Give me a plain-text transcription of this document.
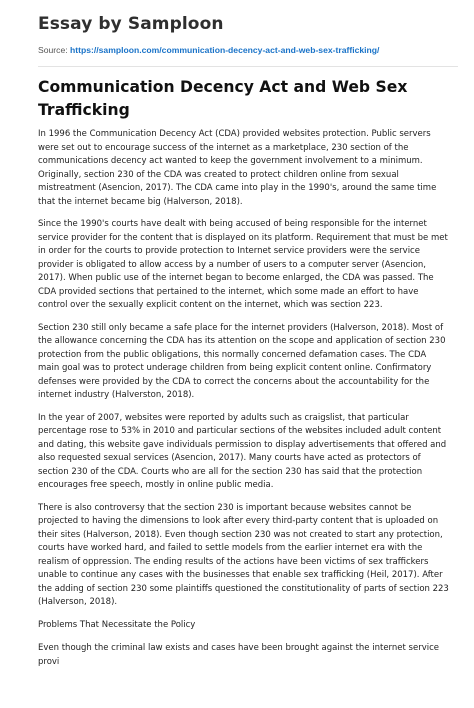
Essay by Samploon
Source: https://samploon.com/communication-decency-act-and-web-sex-trafficking/
Communication Decency Act and Web Sex Trafficking

In 1996 the Communication Decency Act (CDA) provided websites protection. Public servers were set out to encourage success of the internet as a marketplace, 230 section of the communications decency act wanted to keep the government involvement to a minimum. Originally, section 230 of the CDA was created to protect children online from sexual mistreatment (Asencion, 2017). The CDA came into play in the 1990's, around the same time that the internet became big (Halverson, 2018).

Since the 1990's courts have dealt with being accused of being responsible for the internet service provider for the content that is displayed on its platform. Requirement that must be met in order for the courts to provide protection to Internet service providers were the service provider is obligated to allow access by a number of users to a computer server (Asencion, 2017). When public use of the internet began to become enlarged, the CDA was passed. The CDA provided sections that pertained to the internet, which some made an effort to have control over the sexually explicit content on the internet, which was section 223.

Section 230 still only became a safe place for the internet providers (Halverson, 2018). Most of the allowance concerning the CDA has its attention on the scope and application of section 230 protection from the public obligations, this normally concerned defamation cases. The CDA main goal was to protect underage children from being explicit content online. Confirmatory defenses were provided by the CDA to correct the concerns about the accountability for the internet industry (Halverston, 2018).

In the year of 2007, websites were reported by adults such as craigslist, that particular percentage rose to 53% in 2010 and particular sections of the websites included adult content and dating, this website gave individuals permission to display advertisements that offered and also requested sexual services (Asencion, 2017). Many courts have acted as protectors of section 230 of the CDA. Courts who are all for the section 230 has said that the protection encourages free speech, mostly in online public media.

There is also controversy that the section 230 is important because websites cannot be projected to having the dimensions to look after every third-party content that is uploaded on their sites (Halverson, 2018). Even though section 230 was not created to start any protection, courts have worked hard, and failed to settle models from the earlier internet era with the realism of oppression. The ending results of the actions have been victims of sex traffickers unable to continue any cases with the businesses that enable sex trafficking (Heil, 2017). After the adding of section 230 some plaintiffs questioned the constitutionality of parts of section 223 (Halverson, 2018).

Problems That Necessitate the Policy

Even though the criminal law exists and cases have been brought against the internet service provi
